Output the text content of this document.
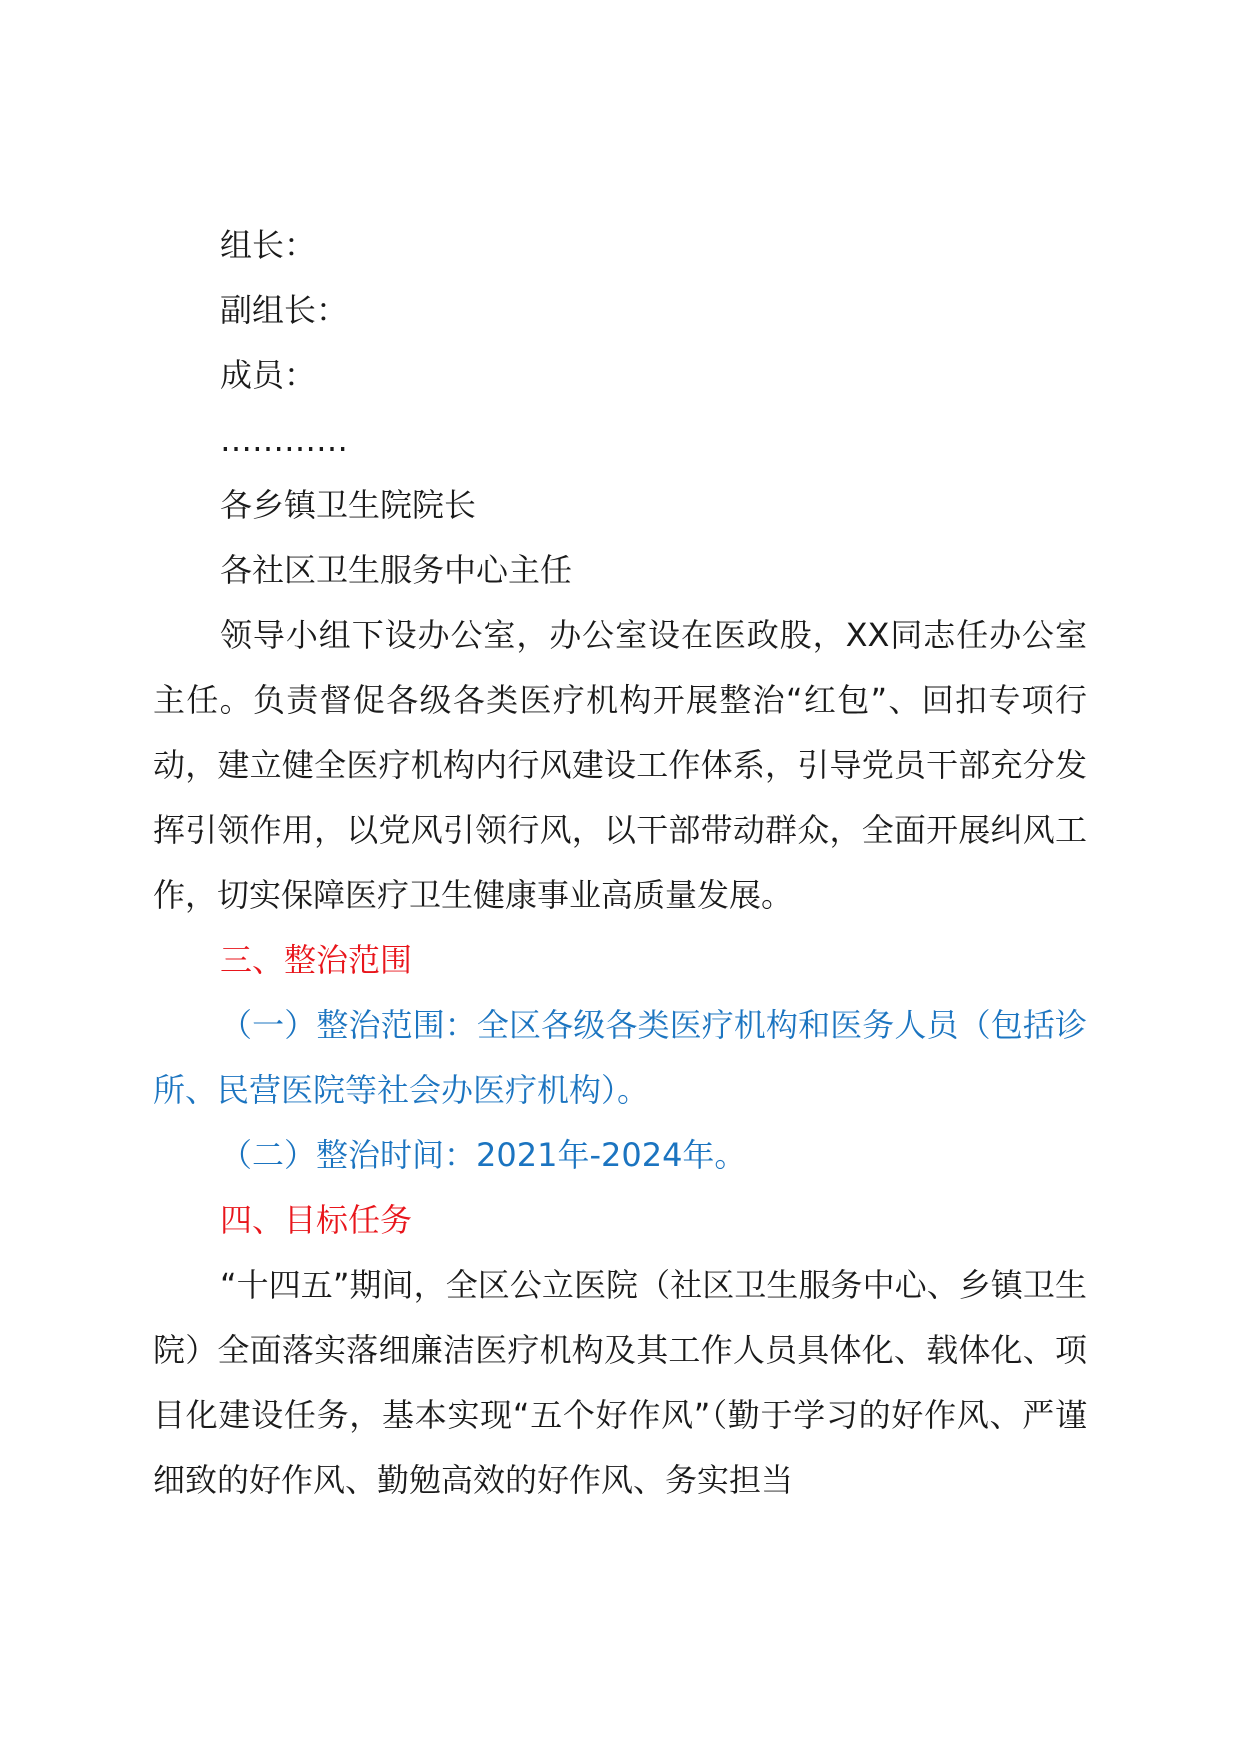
组长：

副组长：

成员：

…………

各乡镇卫生院院长

各社区卫生服务中心主任

领导小组下设办公室，办公室设在医政股，XX同志任办公室主任。负责督促各级各类医疗机构开展整治“红包”、回扣专项行动，建立健全医疗机构内行风建设工作体系，引导党员干部充分发挥引领作用，以党风引领行风，以干部带动群众，全面开展纠风工作，切实保障医疗卫生健康事业高质量发展。

三、整治范围

（一）整治范围：全区各级各类医疗机构和医务人员（包括诊所、民营医院等社会办医疗机构）。

（二）整治时间：2021年-2024年。

四、目标任务

“十四五”期间，全区公立医院（社区卫生服务中心、乡镇卫生院）全面落实落细廉洁医疗机构及其工作人员具体化、载体化、项目化建设任务，基本实现“五个好作风”（勤于学习的好作风、严谨细致的好作风、勤勉高效的好作风、务实担当
